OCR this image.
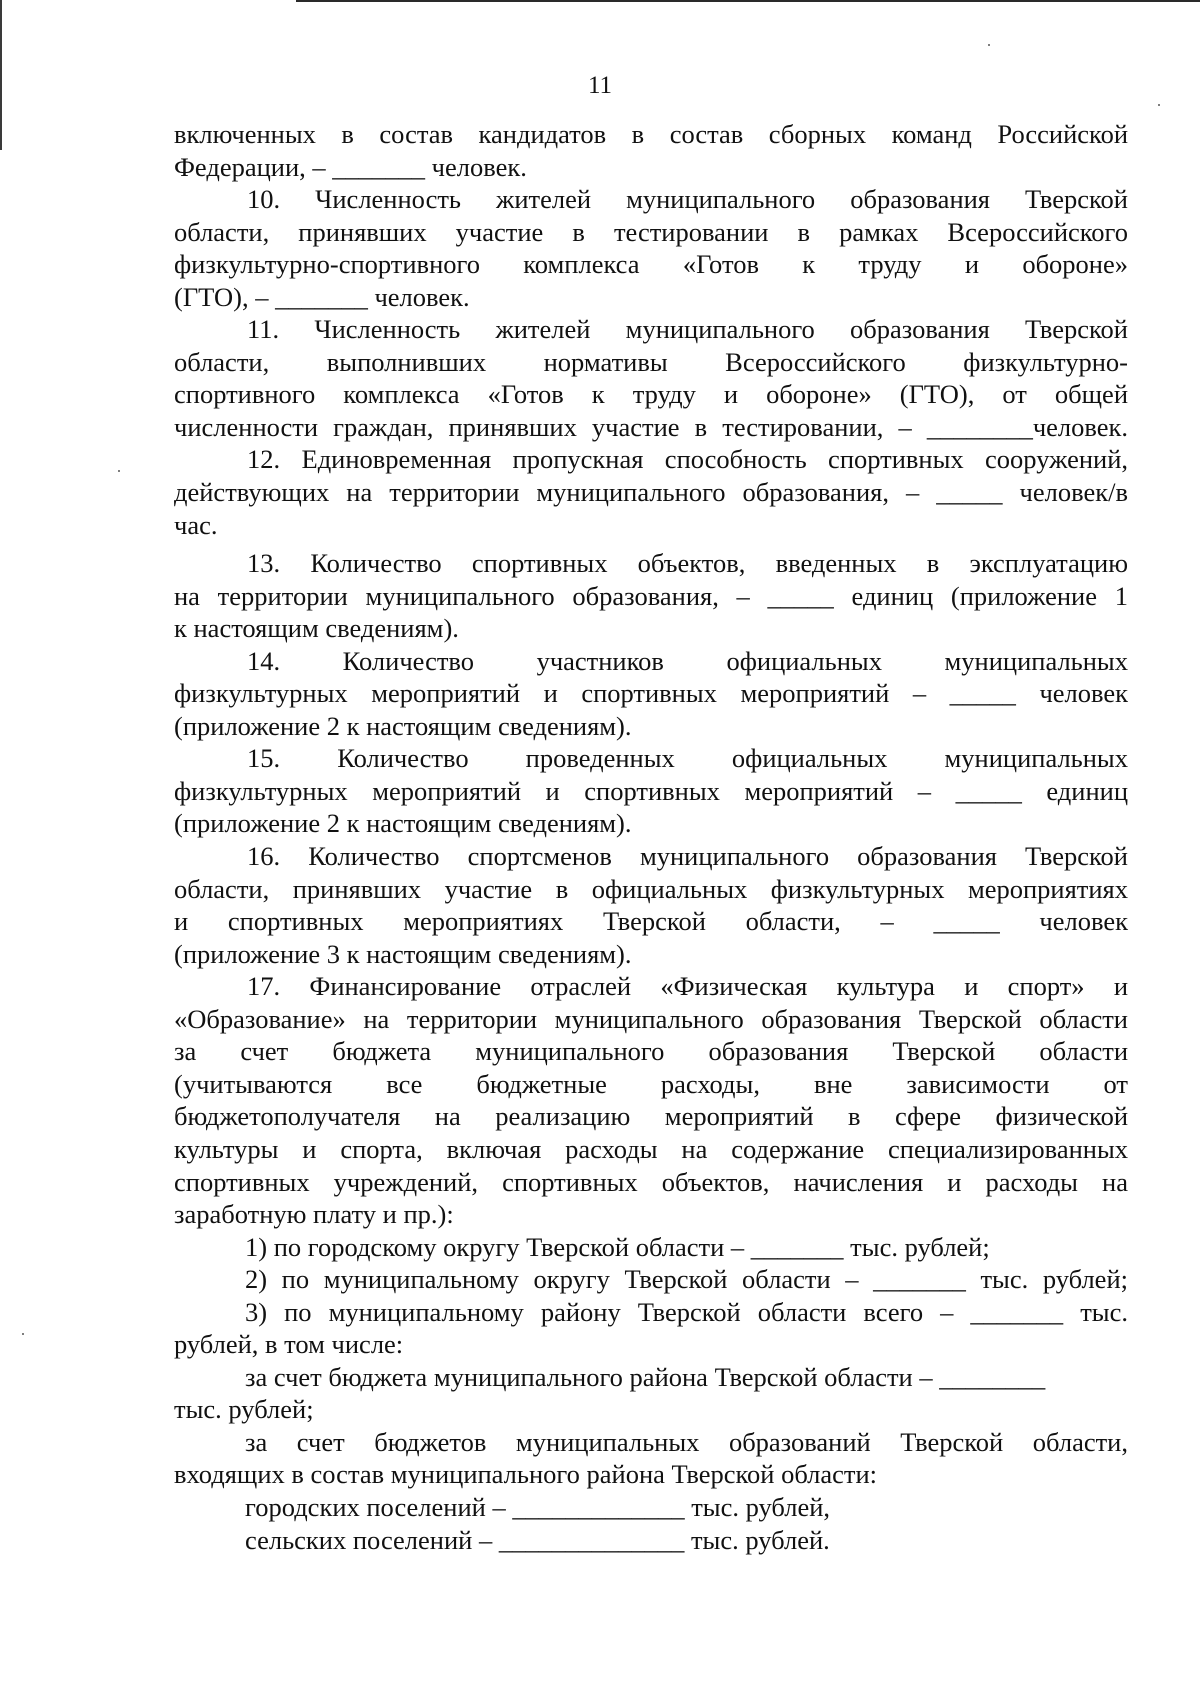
11
включенных в состав кандидатов в состав сборных команд Российской
Федерации, – _______ человек.
10. Численность жителей муниципального образования Тверской
области, принявших участие в тестировании в рамках Всероссийского
физкультурно-спортивного комплекса «Готов к труду и обороне»
(ГТО), – _______ человек.
11. Численность жителей муниципального образования Тверской
области, выполнивших нормативы Всероссийского физкультурно-
спортивного комплекса «Готов к труду и обороне» (ГТО), от общей
численности граждан, принявших участие в тестировании, – ________человек.
12. Единовременная пропускная способность спортивных сооружений,
действующих на территории муниципального образования, – _____ человек/в
час.
13. Количество спортивных объектов, введенных в эксплуатацию
на территории муниципального образования, – _____ единиц (приложение 1
к настоящим сведениям).
14. Количество участников официальных муниципальных
физкультурных мероприятий и спортивных мероприятий – _____ человек
(приложение 2 к настоящим сведениям).
15. Количество проведенных официальных муниципальных
физкультурных мероприятий и спортивных мероприятий – _____ единиц
(приложение 2 к настоящим сведениям).
16. Количество спортсменов муниципального образования Тверской
области, принявших участие в официальных физкультурных мероприятиях
и спортивных мероприятиях Тверской области, – _____ человек
(приложение 3 к настоящим сведениям).
17. Финансирование отраслей «Физическая культура и спорт» и
«Образование» на территории муниципального образования Тверской области
за счет бюджета муниципального образования Тверской области
(учитываются все бюджетные расходы, вне зависимости от
бюджетополучателя на реализацию мероприятий в сфере физической
культуры и спорта, включая расходы на содержание специализированных
спортивных учреждений, спортивных объектов, начисления и расходы на
заработную плату и пр.):
1) по городскому округу Тверской области – _______ тыс. рублей;
2) по муниципальному округу Тверской области – _______ тыс. рублей;
3) по муниципальному району Тверской области всего – _______ тыс.
рублей, в том числе:
за счет бюджета муниципального района Тверской области – ________
тыс. рублей;
за счет бюджетов муниципальных образований Тверской области,
входящих в состав муниципального района Тверской области:
городских поселений – _____________ тыс. рублей,
сельских поселений – ______________ тыс. рублей.
